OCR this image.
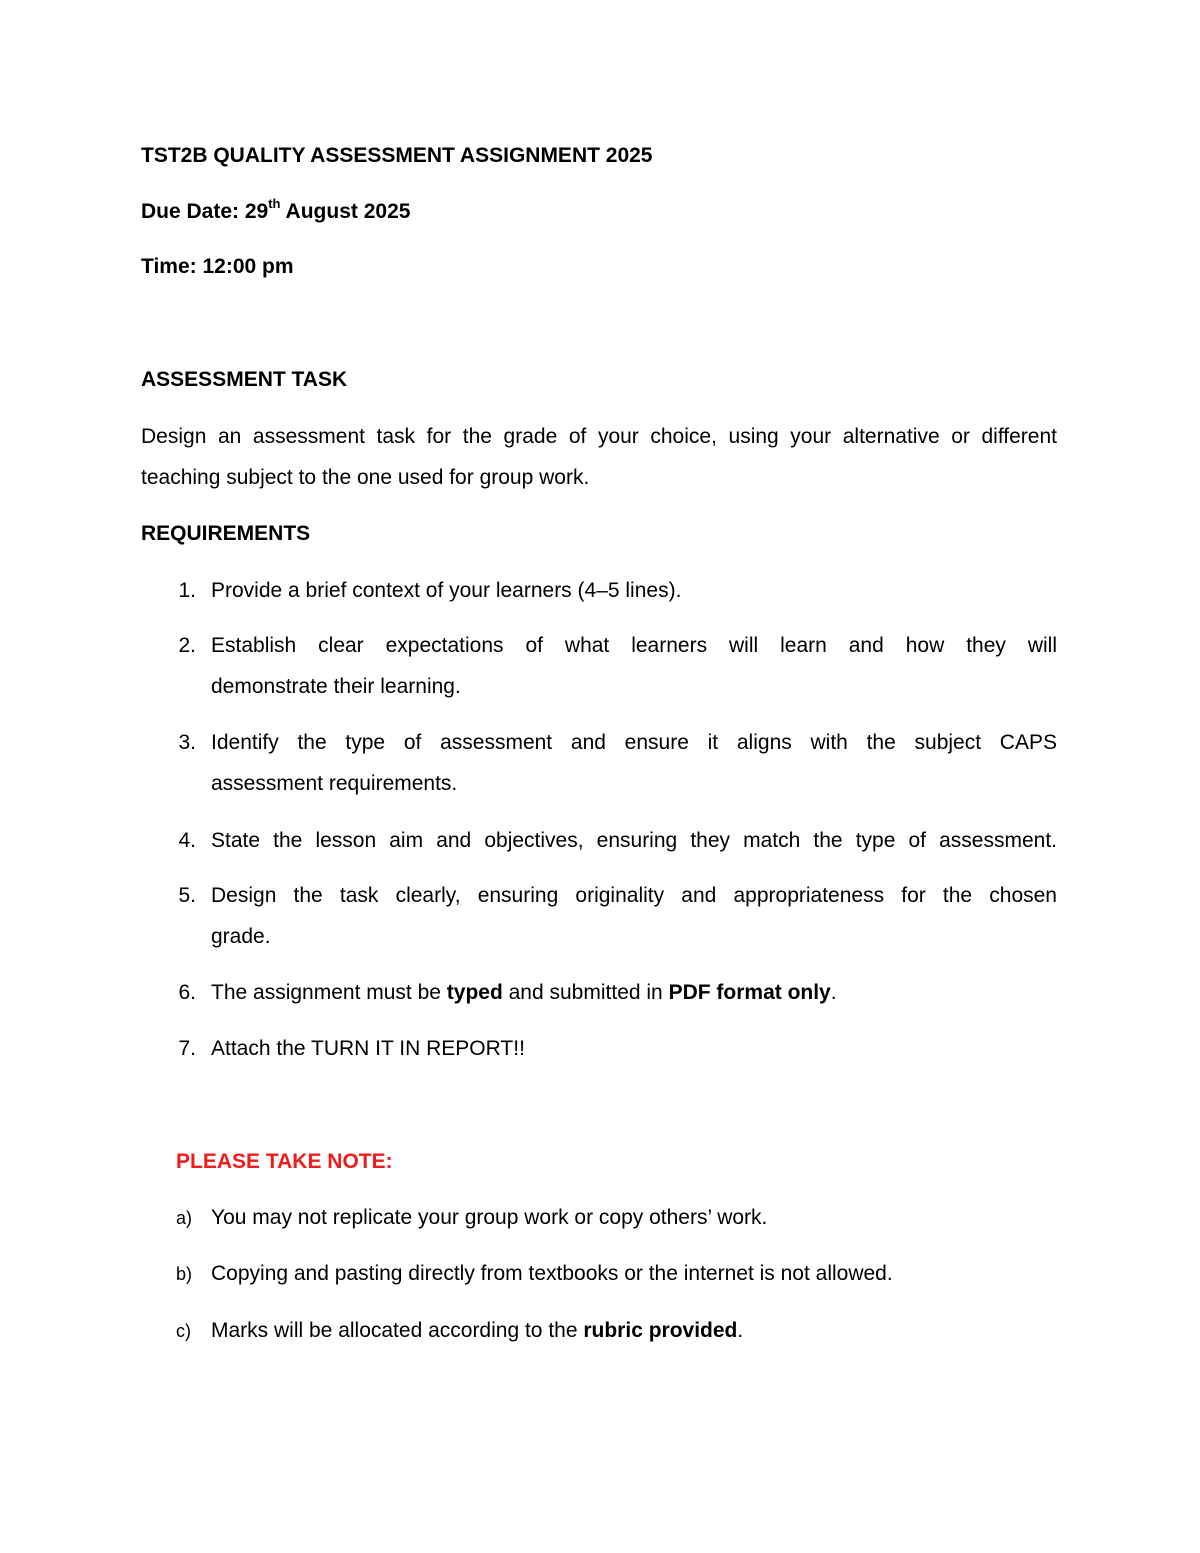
TST2B QUALITY ASSESSMENT ASSIGNMENT 2025
Due Date: 29th August 2025
Time: 12:00 pm
ASSESSMENT TASK
Design an assessment task for the grade of your choice, using your alternative or different
teaching subject to the one used for group work.
REQUIREMENTS
1. Provide a brief context of your learners (4–5 lines).
2. Establish clear expectations of what learners will learn and how they will
demonstrate their learning.
3. Identify the type of assessment and ensure it aligns with the subject CAPS
assessment requirements.
4. State the lesson aim and objectives, ensuring they match the type of assessment.
5. Design the task clearly, ensuring originality and appropriateness for the chosen
grade.
6. The assignment must be typed and submitted in PDF format only.
7. Attach the TURN IT IN REPORT!!
PLEASE TAKE NOTE:
a) You may not replicate your group work or copy others’ work.
b) Copying and pasting directly from textbooks or the internet is not allowed.
c) Marks will be allocated according to the rubric provided.
